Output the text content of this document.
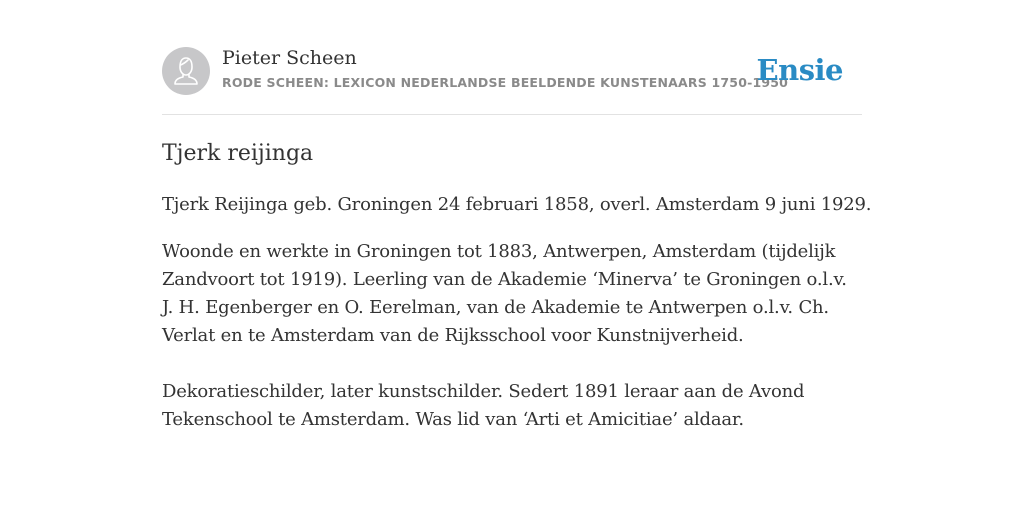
Pieter Scheen
RODE SCHEEN: LEXICON NEDERLANDSE BEELDENDE KUNSTENAARS 1750-1950
Ensie
Tjerk reijinga

Tjerk Reijinga geb. Groningen 24 februari 1858, overl. Amsterdam 9 juni 1929.

Woonde en werkte in Groningen tot 1883, Antwerpen, Amsterdam (tijdelijk Zandvoort tot 1919). Leerling van de Akademie ‘Minerva’ te Groningen o.l.v. J. H. Egenberger en O. Eerelman, van de Akademie te Antwerpen o.l.v. Ch. Verlat en te Amsterdam van de Rijksschool voor Kunstnijverheid.

Dekoratieschilder, later kunstschilder. Sedert 1891 leraar aan de Avond Tekenschool te Amsterdam. Was lid van ‘Arti et Amicitiae’ aldaar.
